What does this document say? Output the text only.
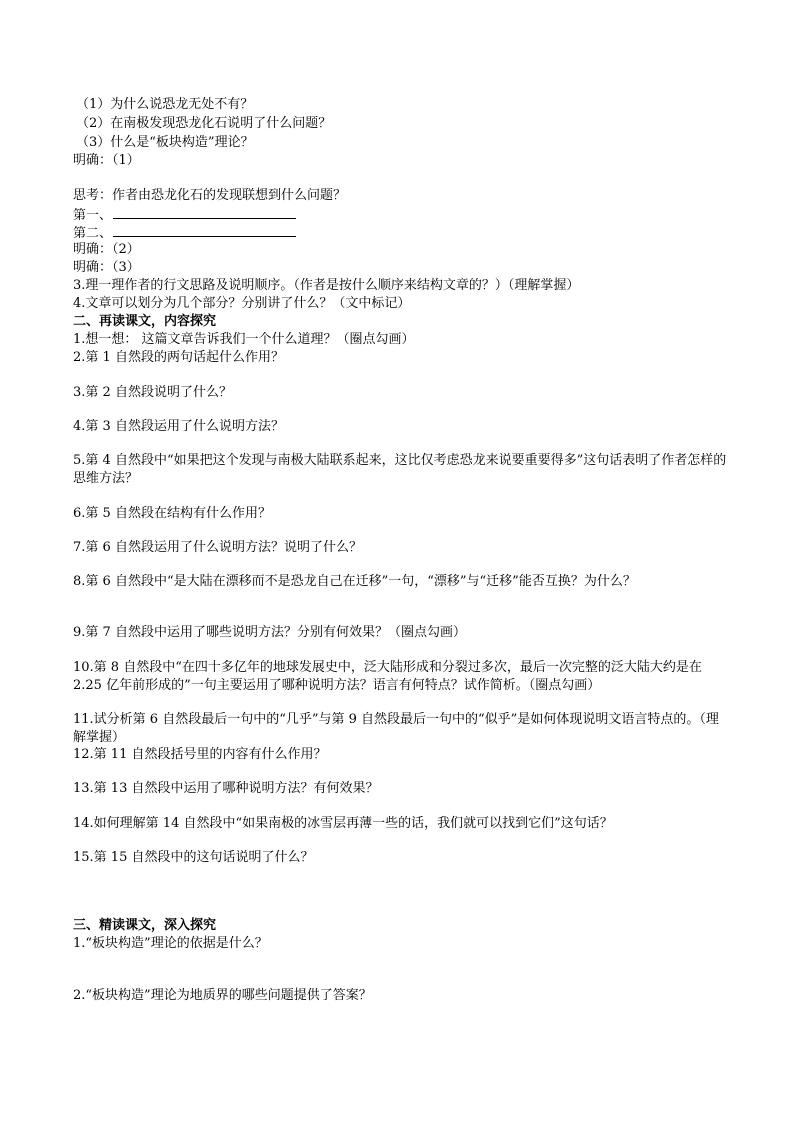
（1）为什么说恐龙无处不有？
（2）在南极发现恐龙化石说明了什么问题？
（3）什么是“板块构造”理论？
明确：（1）
思考：作者由恐龙化石的发现联想到什么问题？
第一、
第二、
明确：（2）
明确：（3）
3.理一理作者的行文思路及说明顺序。（作者是按什么顺序来结构文章的？）（理解掌握）
4.文章可以划分为几个部分？分别讲了什么？（文中标记）
二、再读课文，内容探究
1.想一想： 这篇文章告诉我们一个什么道理？（圈点勾画）
2.第 1 自然段的两句话起什么作用？
3.第 2 自然段说明了什么？
4.第 3 自然段运用了什么说明方法？
5.第 4 自然段中“如果把这个发现与南极大陆联系起来，这比仅考虑恐龙来说要重要得多”这句话表明了作者怎样的思维方法？
6.第 5 自然段在结构有什么作用？
7.第 6 自然段运用了什么说明方法？说明了什么？
8.第 6 自然段中“是大陆在漂移而不是恐龙自己在迁移”一句，“漂移”与“迁移”能否互换？为什么？
9.第 7 自然段中运用了哪些说明方法？分别有何效果？（圈点勾画）
10.第 8 自然段中“在四十多亿年的地球发展史中，泛大陆形成和分裂过多次，最后一次完整的泛大陆大约是在 2.25 亿年前形成的”一句主要运用了哪种说明方法？语言有何特点？试作简析。（圈点勾画）
11.试分析第 6 自然段最后一句中的“几乎”与第 9 自然段最后一句中的“似乎”是如何体现说明文语言特点的。（理解掌握）
12.第 11 自然段括号里的内容有什么作用？
13.第 13 自然段中运用了哪种说明方法？有何效果？
14.如何理解第 14 自然段中“如果南极的冰雪层再薄一些的话，我们就可以找到它们”这句话？
15.第 15 自然段中的这句话说明了什么？
三、精读课文，深入探究
1.“板块构造”理论的依据是什么？
2.“板块构造”理论为地质界的哪些问题提供了答案？
